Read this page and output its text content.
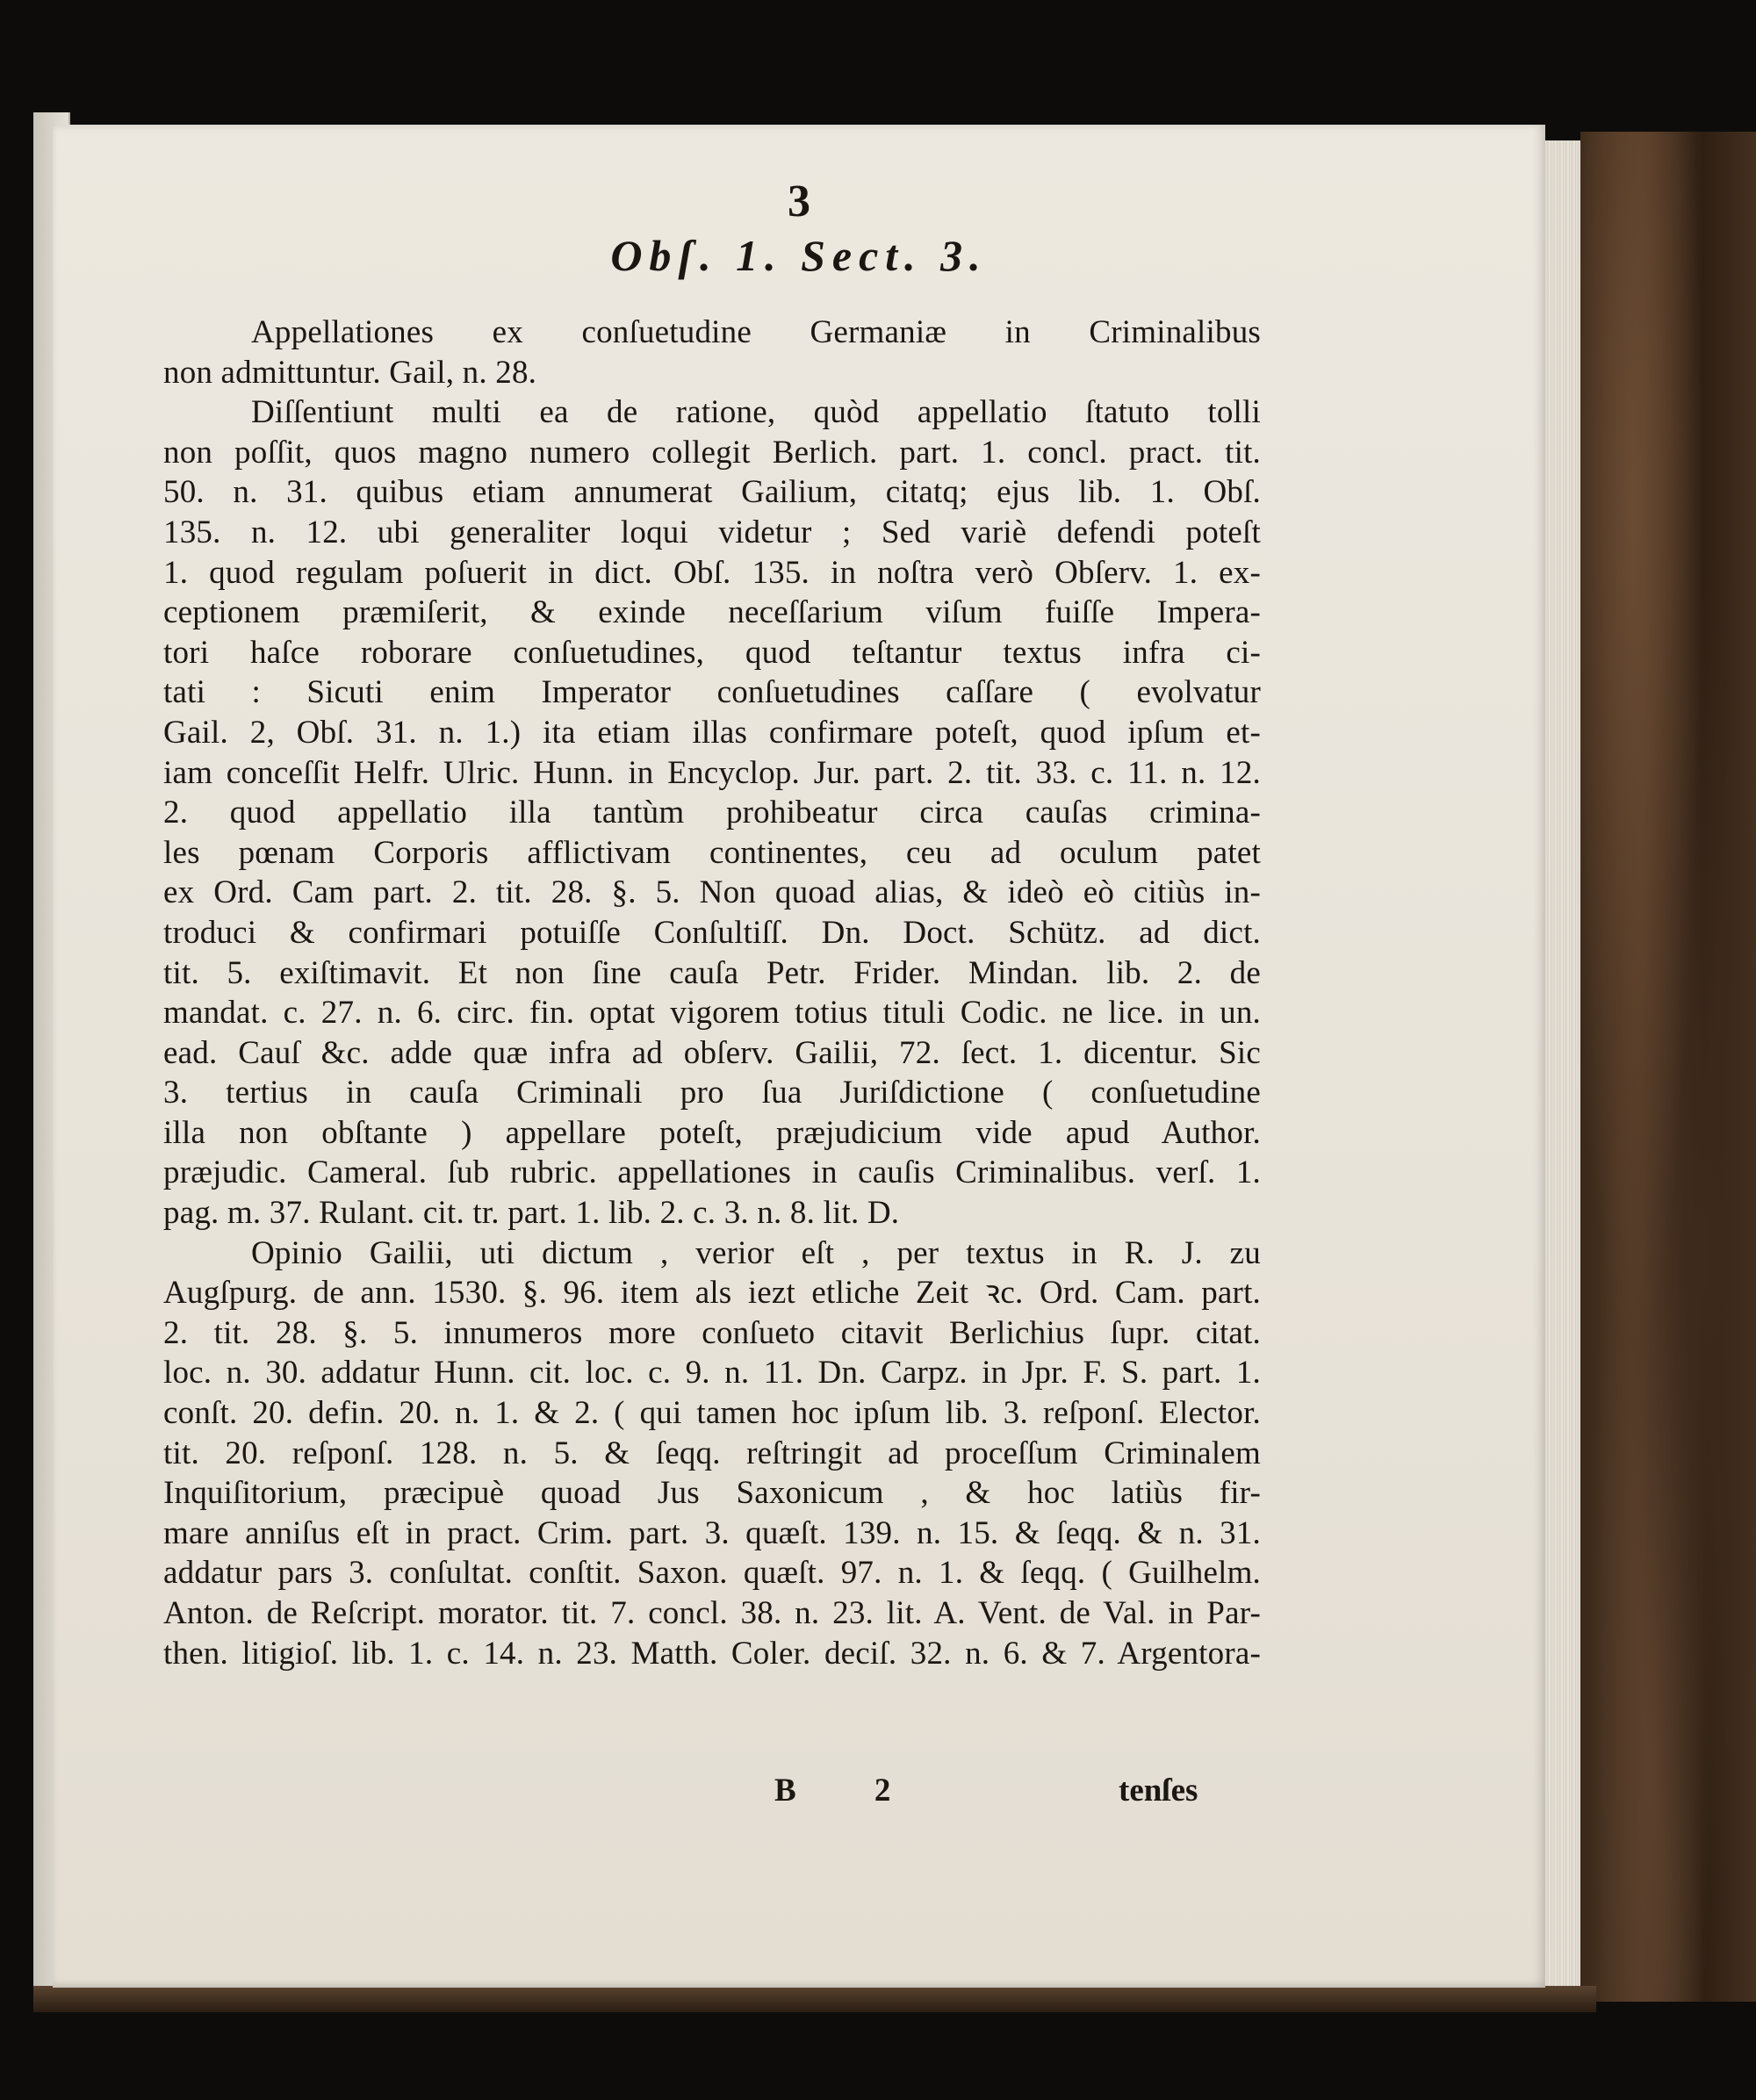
3
Obſ. 1. Sect. 3.
Appellationes ex conſuetudine Germaniæ in Criminalibus
non admittuntur. Gail, n. 28.
Diſſentiunt multi ea de ratione, quòd appellatio ſtatuto tolli
non poſſit, quos magno numero collegit Berlich. part. 1. concl. pract. tit.
50. n. 31. quibus etiam annumerat Gailium, citatq; ejus lib. 1. Obſ.
135. n. 12. ubi generaliter loqui videtur ; Sed variè defendi poteſt
1. quod regulam poſuerit in dict. Obſ. 135. in noſtra verò Obſerv. 1. ex-
ceptionem præmiſerit, & exinde neceſſarium viſum fuiſſe Impera-
tori haſce roborare conſuetudines, quod teſtantur textus infra ci-
tati : Sicuti enim Imperator conſuetudines caſſare ( evolvatur
Gail. 2, Obſ. 31. n. 1.) ita etiam illas confirmare poteſt, quod ipſum et-
iam conceſſit Helfr. Ulric. Hunn. in Encyclop. Jur. part. 2. tit. 33. c. 11. n. 12.
2. quod appellatio illa tantùm prohibeatur circa cauſas crimina-
les pœnam Corporis afflictivam continentes, ceu ad oculum patet
ex Ord. Cam part. 2. tit. 28. §. 5. Non quoad alias, & ideò eò citiùs in-
troduci & confirmari potuiſſe Conſultiſſ. Dn. Doct. Schütz. ad dict.
tit. 5. exiſtimavit. Et non ſine cauſa Petr. Frider. Mindan. lib. 2. de
mandat. c. 27. n. 6. circ. fin. optat vigorem totius tituli Codic. ne lice. in un.
ead. Cauſ &c. adde quæ infra ad obſerv. Gailii, 72. ſect. 1. dicentur. Sic
3. tertius in cauſa Criminali pro ſua Juriſdictione ( conſuetudine
illa non obſtante ) appellare poteſt, præjudicium vide apud Author.
præjudic. Cameral. ſub rubric. appellationes in cauſis Criminalibus. verſ. 1.
pag. m. 37. Rulant. cit. tr. part. 1. lib. 2. c. 3. n. 8. lit. D.
Opinio Gailii, uti dictum , verior eſt , per textus in R. J. zu
Augſpurg. de ann. 1530. §. 96. item als iezt etliche Zeit ꝛc. Ord. Cam. part.
2. tit. 28. §. 5. innumeros more conſueto citavit Berlichius ſupr. citat.
loc. n. 30. addatur Hunn. cit. loc. c. 9. n. 11. Dn. Carpz. in Jpr. F. S. part. 1.
conſt. 20. defin. 20. n. 1. & 2. ( qui tamen hoc ipſum lib. 3. reſponſ. Elector.
tit. 20. reſponſ. 128. n. 5. & ſeqq. reſtringit ad proceſſum Criminalem
Inquiſitorium, præcipuè quoad Jus Saxonicum , & hoc latiùs fir-
mare anniſus eſt in pract. Crim. part. 3. quæſt. 139. n. 15. & ſeqq. & n. 31.
addatur pars 3. conſultat. conſtit. Saxon. quæſt. 97. n. 1. & ſeqq. ( Guilhelm.
Anton. de Reſcript. morator. tit. 7. concl. 38. n. 23. lit. A. Vent. de Val. in Par-
then. litigioſ. lib. 1. c. 14. n. 23. Matth. Coler. deciſ. 32. n. 6. & 7. Argentora-
B 2	tenſes
